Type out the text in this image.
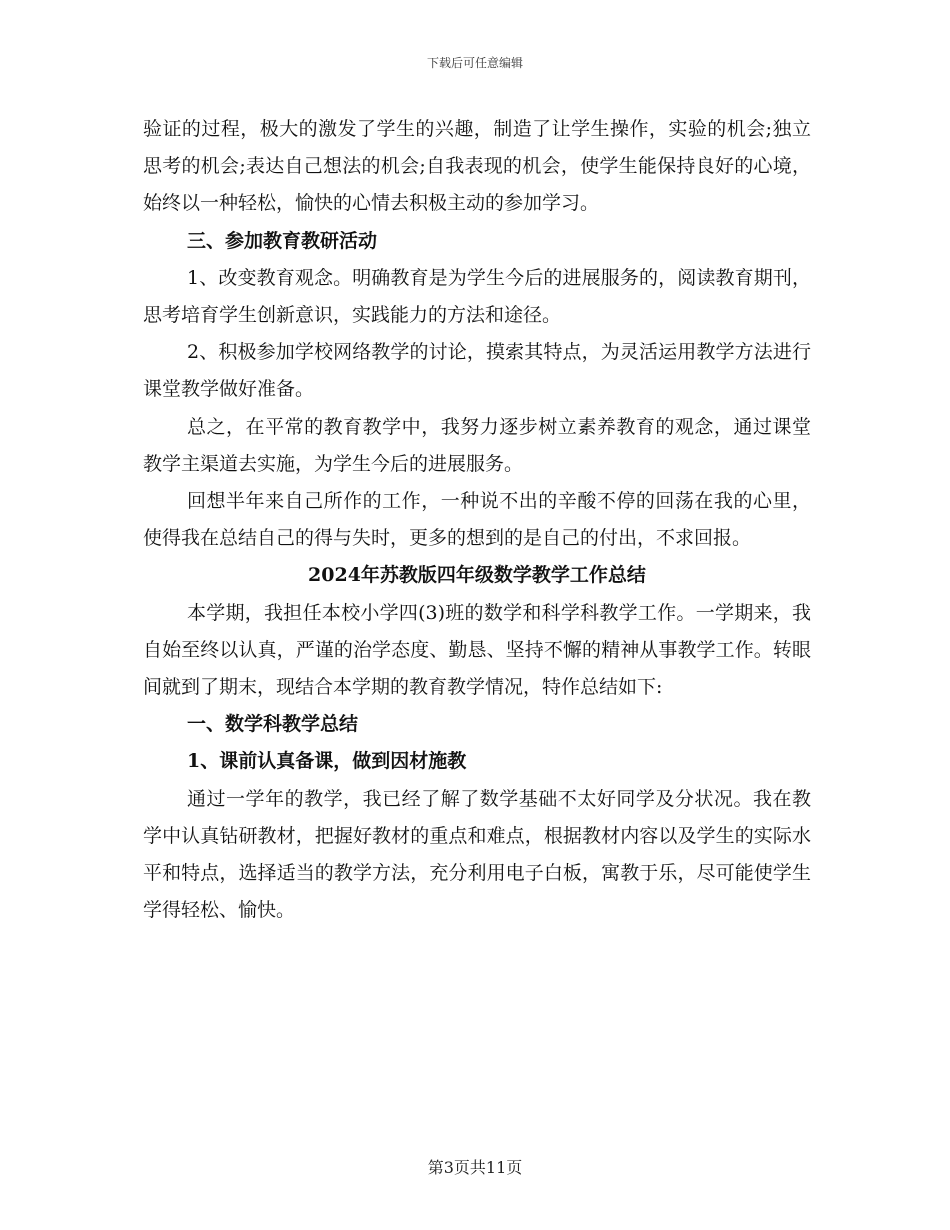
下载后可任意编辑

验证的过程，极大的激发了学生的兴趣，制造了让学生操作，实验的机会;独立思考的机会;表达自己想法的机会;自我表现的机会，使学生能保持良好的心境，始终以一种轻松，愉快的心情去积极主动的参加学习。

三、参加教育教研活动

1、改变教育观念。明确教育是为学生今后的进展服务的，阅读教育期刊，思考培育学生创新意识，实践能力的方法和途径。

2、积极参加学校网络教学的讨论，摸索其特点，为灵活运用教学方法进行课堂教学做好准备。

总之，在平常的教育教学中，我努力逐步树立素养教育的观念，通过课堂教学主渠道去实施，为学生今后的进展服务。

回想半年来自己所作的工作，一种说不出的辛酸不停的回荡在我的心里，使得我在总结自己的得与失时，更多的想到的是自己的付出，不求回报。

2024年苏教版四年级数学教学工作总结

本学期，我担任本校小学四(3)班的数学和科学科教学工作。一学期来，我自始至终以认真，严谨的治学态度、勤恳、坚持不懈的精神从事教学工作。转眼间就到了期末，现结合本学期的教育教学情况，特作总结如下:

一、数学科教学总结

1、课前认真备课，做到因材施教

通过一学年的教学，我已经了解了数学基础不太好同学及分状况。我在教学中认真钻研教材，把握好教材的重点和难点，根据教材内容以及学生的实际水平和特点，选择适当的教学方法，充分利用电子白板，寓教于乐，尽可能使学生学得轻松、愉快。

第3页共11页
